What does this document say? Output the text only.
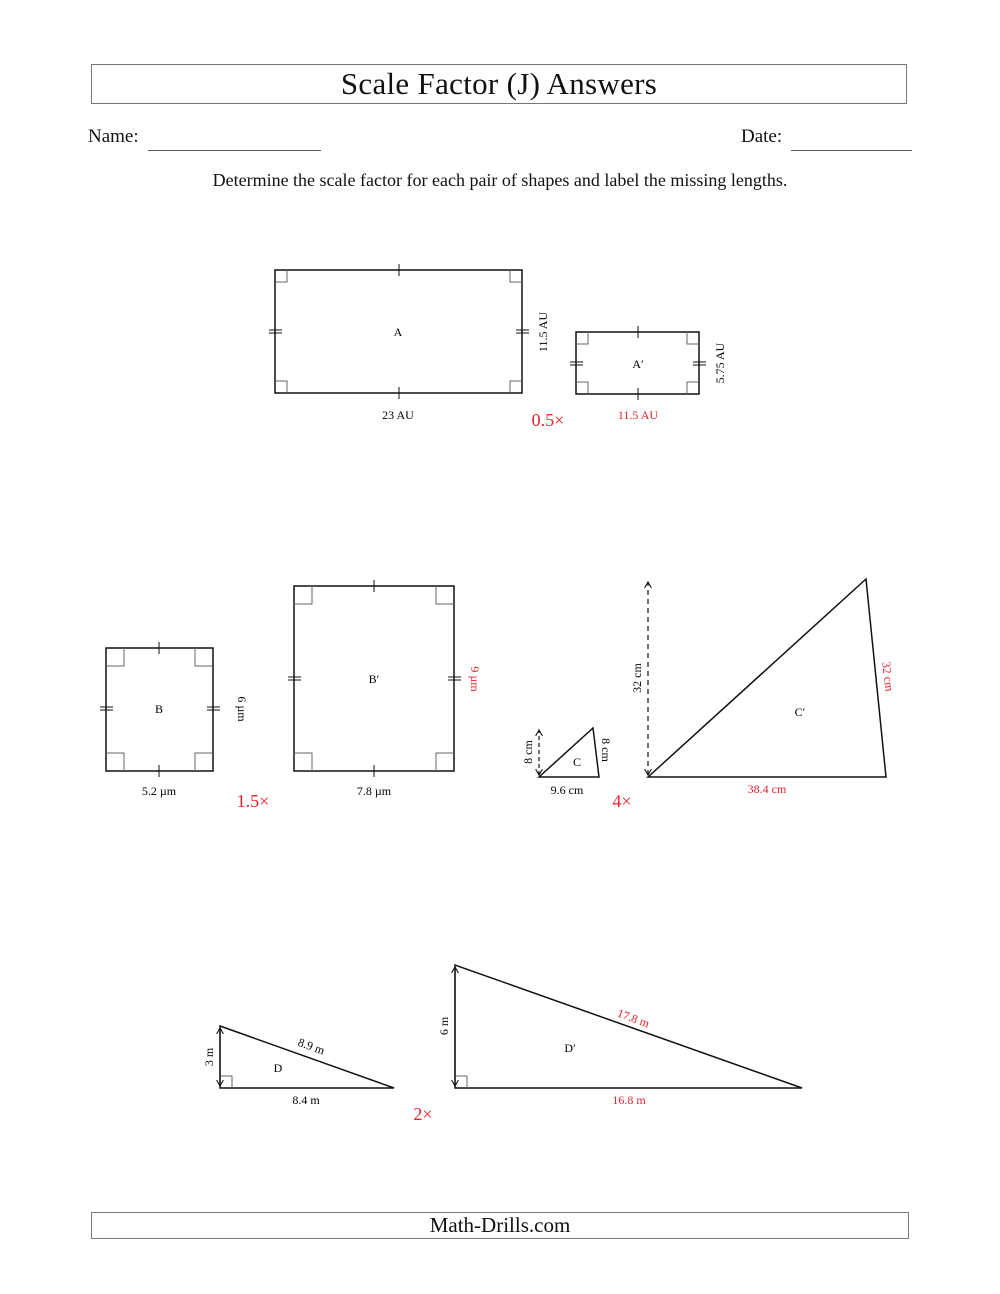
Scale Factor (J) Answers
Name:	Date:
Determine the scale factor for each pair of shapes and label the missing lengths.
A
23 AU
11.5 AU
A′
11.5 AU
5.75 AU
0.5×
B
5.2 µm
6 µm
1.5×
B′
7.8 µm
9 µm
C
9.6 cm
8 cm	8 cm
4×
C′
38.4 cm
32 cm	32 cm
D
8.4 m
3 m	8.9 m
2×
D′
16.8 m
6 m	17.8 m
Math-Drills.com
